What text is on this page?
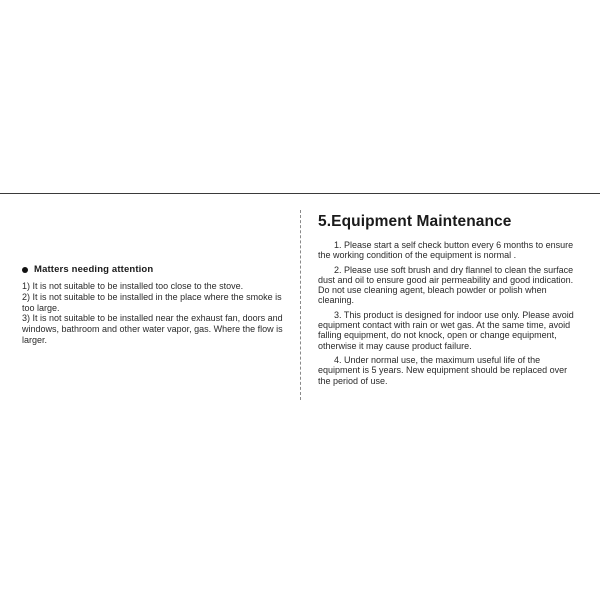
Matters needing attention

1) It is not suitable to be installed too close to the stove.

2) It is not suitable to be installed in the place where the smoke is too large.

3) It is not suitable to be installed near the exhaust fan, doors and windows, bathroom and other water vapor, gas. Where the flow is larger.

5.Equipment Maintenance

1. Please start a self check button every 6 months to ensure the working condition of the equipment is normal .

2. Please use soft brush and dry flannel to clean the surface dust and oil to ensure good air permeability and good indication. Do not use cleaning agent, bleach powder or polish when cleaning.

3. This product is designed for indoor use only. Please avoid equipment contact with rain or wet gas. At the same time, avoid falling equipment, do not knock, open or change equipment, otherwise it may cause product failure.

4. Under normal use, the maximum useful life of the equipment is 5 years. New equipment should be replaced over the period of use.
